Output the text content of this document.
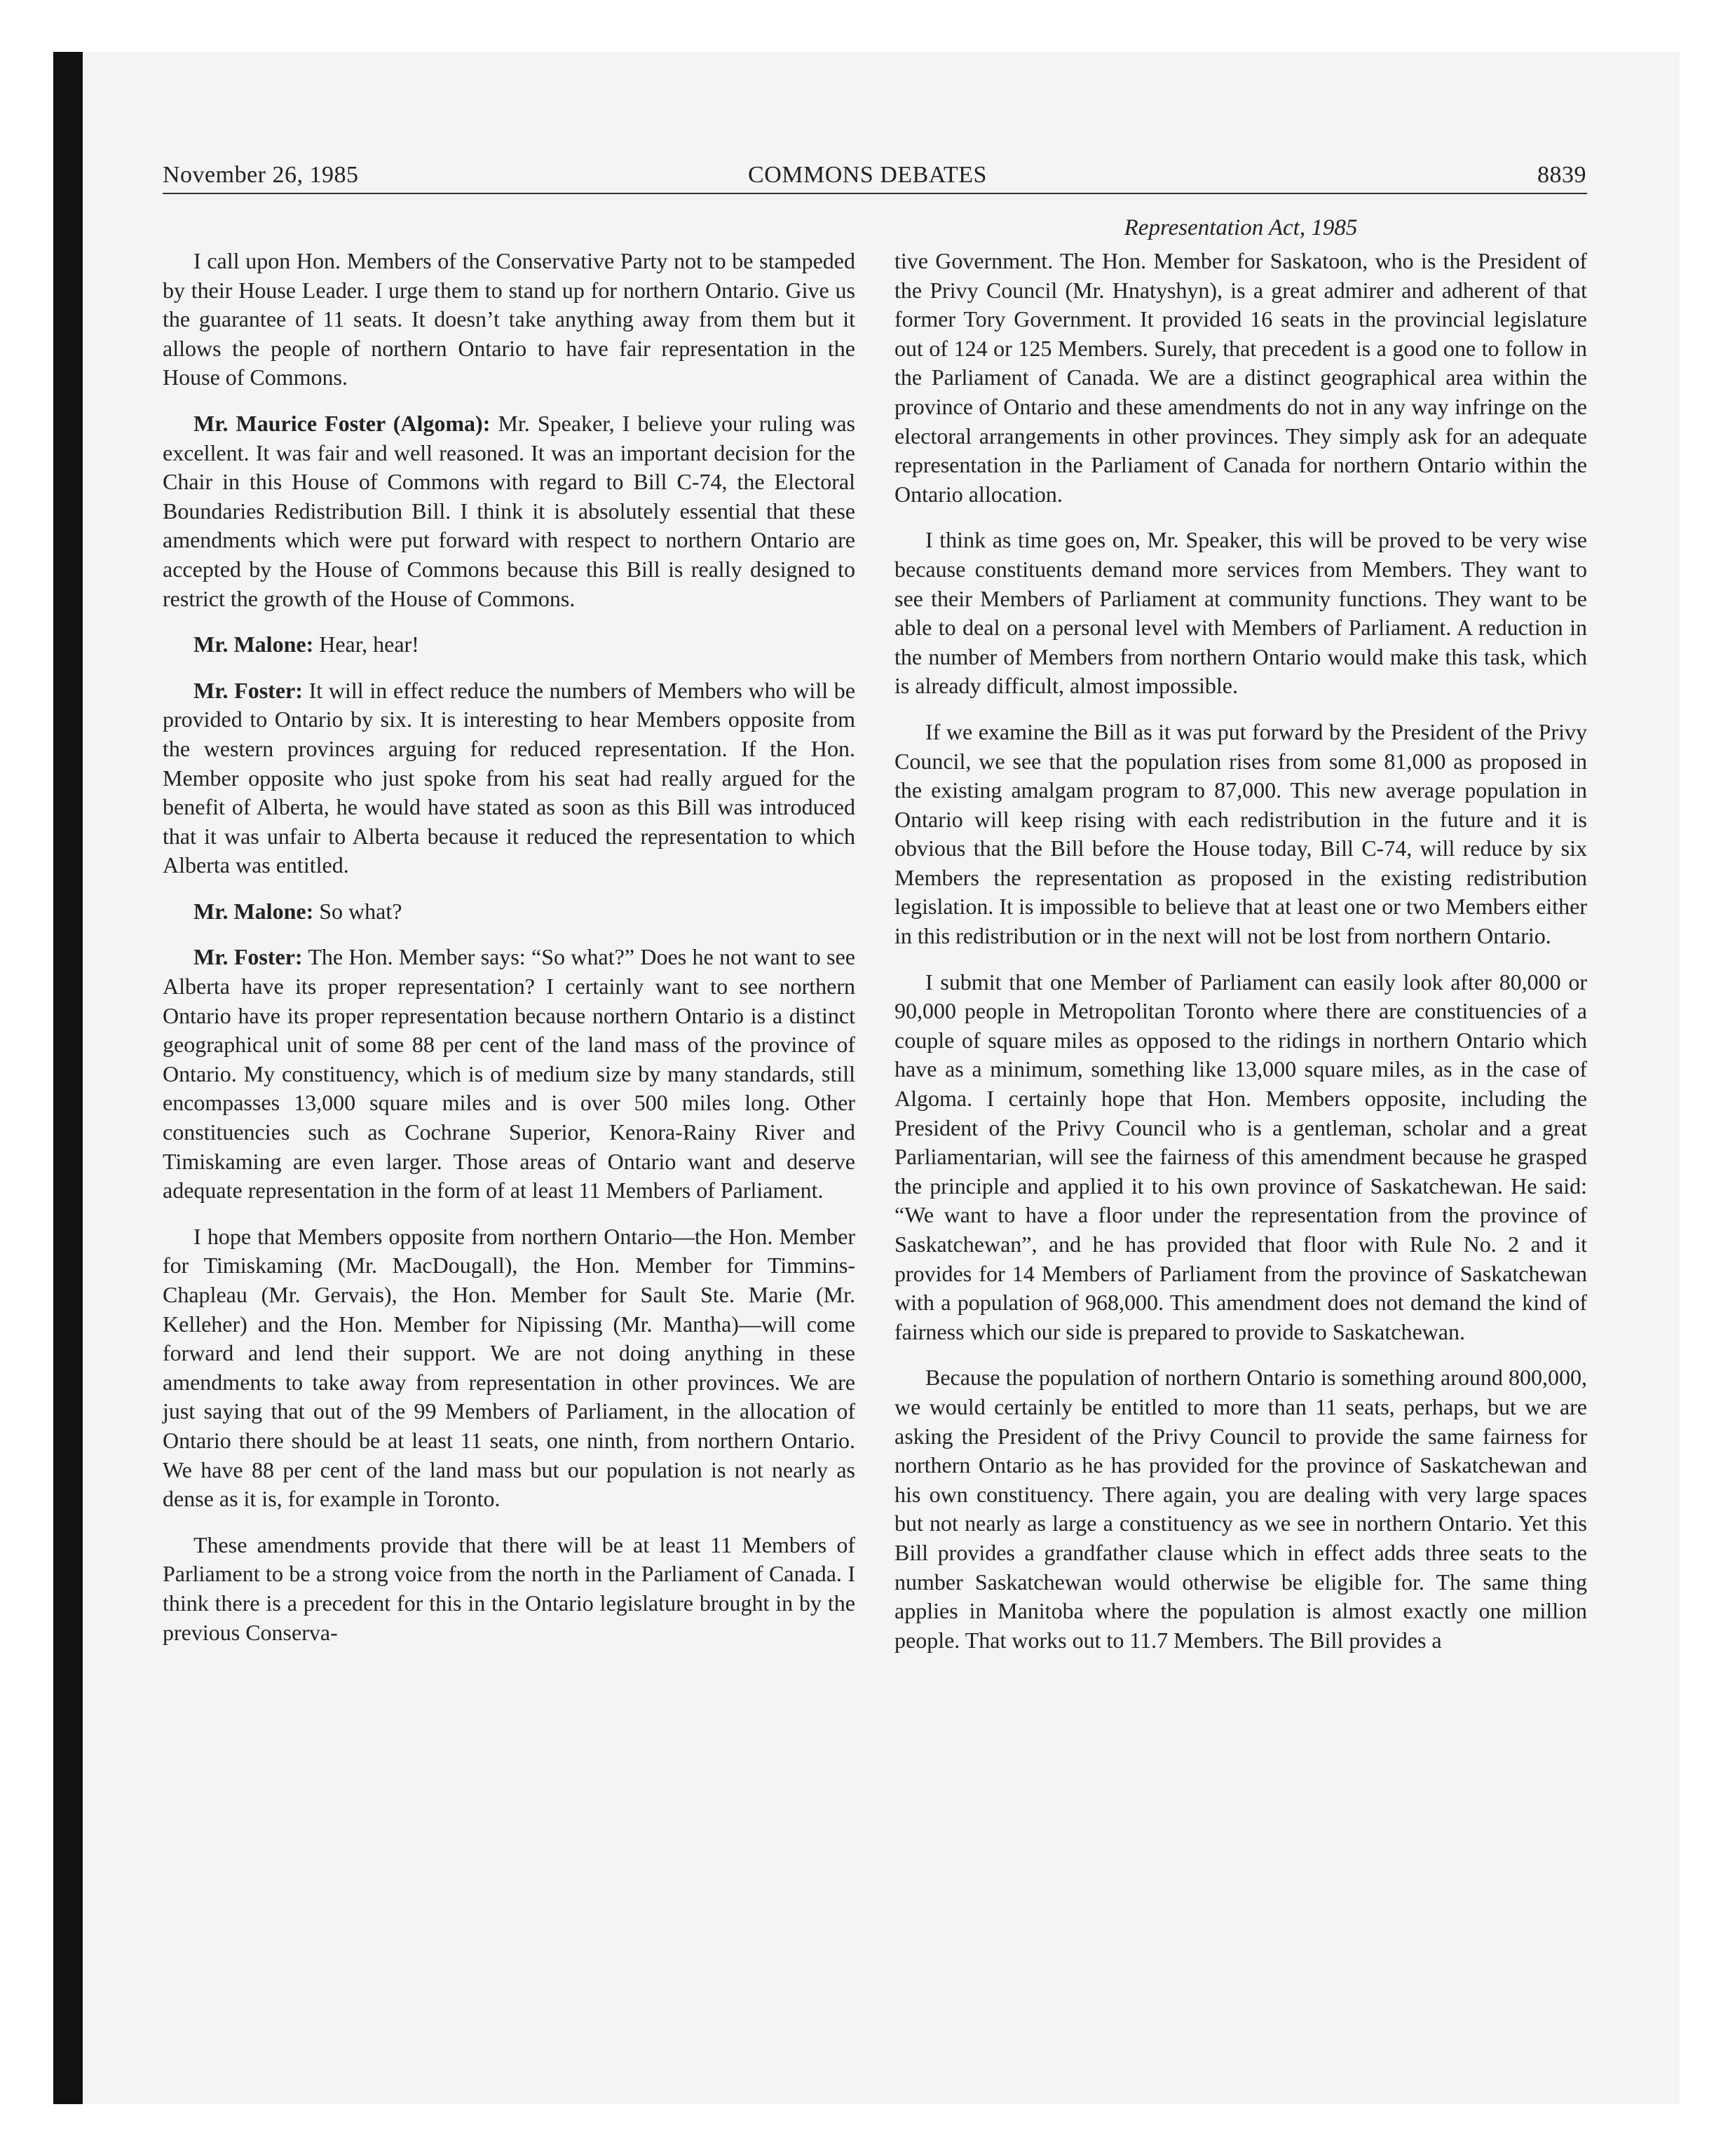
November 26, 1985	COMMONS DEBATES	8839
Representation Act, 1985

I call upon Hon. Members of the Conservative Party not to be stampeded by their House Leader. I urge them to stand up for northern Ontario. Give us the guarantee of 11 seats. It doesn’t take anything away from them but it allows the people of northern Ontario to have fair representation in the House of Commons.

Mr. Maurice Foster (Algoma): Mr. Speaker, I believe your ruling was excellent. It was fair and well reasoned. It was an important decision for the Chair in this House of Commons with regard to Bill C-74, the Electoral Boundaries Redistribution Bill. I think it is absolutely essential that these amendments which were put forward with respect to northern Ontario are accepted by the House of Commons because this Bill is really designed to restrict the growth of the House of Commons.

Mr. Malone: Hear, hear!

Mr. Foster: It will in effect reduce the numbers of Members who will be provided to Ontario by six. It is interesting to hear Members opposite from the western provinces arguing for reduced representation. If the Hon. Member opposite who just spoke from his seat had really argued for the benefit of Alberta, he would have stated as soon as this Bill was introduced that it was unfair to Alberta because it reduced the representation to which Alberta was entitled.

Mr. Malone: So what?

Mr. Foster: The Hon. Member says: “So what?” Does he not want to see Alberta have its proper representation? I certainly want to see northern Ontario have its proper representation because northern Ontario is a distinct geographical unit of some 88 per cent of the land mass of the province of Ontario. My constituency, which is of medium size by many standards, still encompasses 13,000 square miles and is over 500 miles long. Other constituencies such as Cochrane Superior, Kenora-Rainy River and Timiskaming are even larger. Those areas of Ontario want and deserve adequate representation in the form of at least 11 Members of Parliament.

I hope that Members opposite from northern Ontario—the Hon. Member for Timiskaming (Mr. MacDougall), the Hon. Member for Timmins-Chapleau (Mr. Gervais), the Hon. Member for Sault Ste. Marie (Mr. Kelleher) and the Hon. Member for Nipissing (Mr. Mantha)—will come forward and lend their support. We are not doing anything in these amendments to take away from representation in other provinces. We are just saying that out of the 99 Members of Parliament, in the allocation of Ontario there should be at least 11 seats, one ninth, from northern Ontario. We have 88 per cent of the land mass but our population is not nearly as dense as it is, for example in Toronto.

These amendments provide that there will be at least 11 Members of Parliament to be a strong voice from the north in the Parliament of Canada. I think there is a precedent for this in the Ontario legislature brought in by the previous Conserva-

tive Government. The Hon. Member for Saskatoon, who is the President of the Privy Council (Mr. Hnatyshyn), is a great admirer and adherent of that former Tory Government. It provided 16 seats in the provincial legislature out of 124 or 125 Members. Surely, that precedent is a good one to follow in the Parliament of Canada. We are a distinct geographical area within the province of Ontario and these amendments do not in any way infringe on the electoral arrangements in other provinces. They simply ask for an adequate representation in the Parliament of Canada for northern Ontario within the Ontario allocation.

I think as time goes on, Mr. Speaker, this will be proved to be very wise because constituents demand more services from Members. They want to see their Members of Parliament at community functions. They want to be able to deal on a personal level with Members of Parliament. A reduction in the number of Members from northern Ontario would make this task, which is already difficult, almost impossible.

If we examine the Bill as it was put forward by the President of the Privy Council, we see that the population rises from some 81,000 as proposed in the existing amalgam program to 87,000. This new average population in Ontario will keep rising with each redistribution in the future and it is obvious that the Bill before the House today, Bill C-74, will reduce by six Members the representation as proposed in the existing redistribution legislation. It is impossible to believe that at least one or two Members either in this redistribution or in the next will not be lost from northern Ontario.

I submit that one Member of Parliament can easily look after 80,000 or 90,000 people in Metropolitan Toronto where there are constituencies of a couple of square miles as opposed to the ridings in northern Ontario which have as a minimum, something like 13,000 square miles, as in the case of Algoma. I certainly hope that Hon. Members opposite, including the President of the Privy Council who is a gentleman, scholar and a great Parliamentarian, will see the fairness of this amendment because he grasped the principle and applied it to his own province of Saskatchewan. He said: “We want to have a floor under the representation from the province of Saskatchewan”, and he has provided that floor with Rule No. 2 and it provides for 14 Members of Parliament from the province of Saskatchewan with a population of 968,000. This amendment does not demand the kind of fairness which our side is prepared to provide to Saskatchewan.

Because the population of northern Ontario is something around 800,000, we would certainly be entitled to more than 11 seats, perhaps, but we are asking the President of the Privy Council to provide the same fairness for northern Ontario as he has provided for the province of Saskatchewan and his own constituency. There again, you are dealing with very large spaces but not nearly as large a constituency as we see in northern Ontario. Yet this Bill provides a grandfather clause which in effect adds three seats to the number Saskatchewan would otherwise be eligible for. The same thing applies in Manitoba where the population is almost exactly one million people. That works out to 11.7 Members. The Bill provides a
